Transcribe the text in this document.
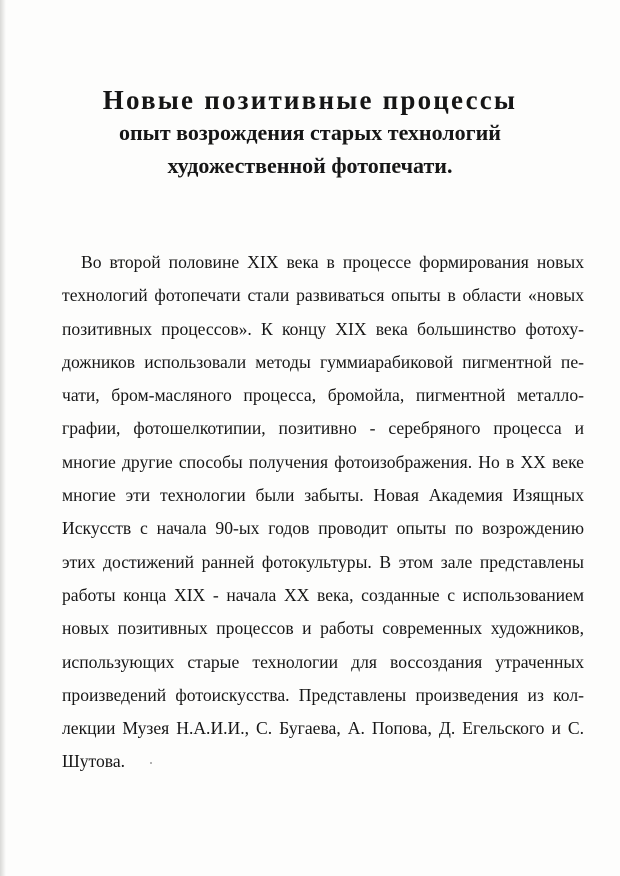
Новые позитивные процессы
опыт возрождения старых технологий
художественной фотопечати.
Во второй половине XIX века в процессе формирования новых
технологий фотопечати стали развиваться опыты в области «новых
позитивных процессов». К концу XIX века большинство фотоху-
дожников использовали методы гуммиарабиковой пигментной пе-
чати, бром-масляного процесса, бромойла, пигментной металло-
графии, фотошелкотипии, позитивно - серебряного процесса и
многие другие способы получения фотоизображения. Но в XX веке
многие эти технологии были забыты. Новая Академия Изящных
Искусств с начала 90-ых годов проводит опыты по возрождению
этих достижений ранней фотокультуры. В этом зале представлены
работы конца XIX - начала XX века, созданные с использованием
новых позитивных процессов и работы современных художников,
использующих старые технологии для воссоздания утраченных
произведений фотоискусства. Представлены произведения из кол-
лекции Музея Н.А.И.И., С. Бугаева, А. Попова, Д. Егельского и С.
Шутова.
